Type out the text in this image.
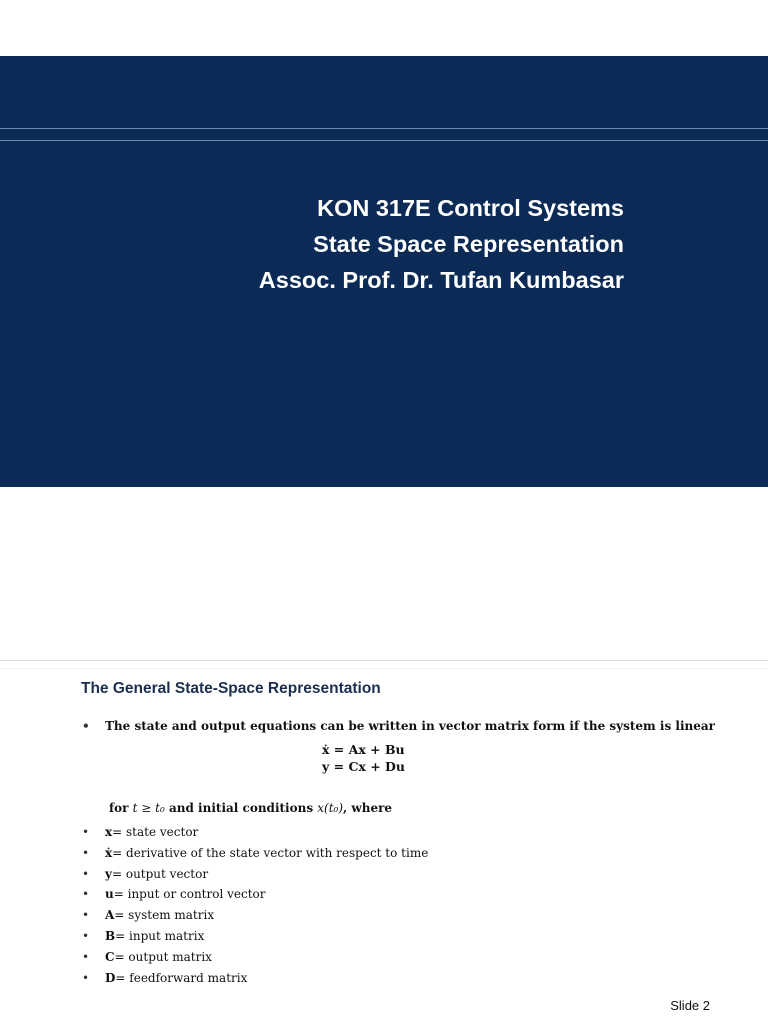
KON 317E Control Systems
State Space Representation
Assoc. Prof. Dr. Tufan Kumbasar
The General State-Space Representation
• The state and output equations can be written in vector matrix form if the system is linear
ẋ = Ax + Bu
y = Cx + Du
for t ≥ t₀ and initial conditions x(t₀), where
• x= state vector
• ẋ= derivative of the state vector with respect to time
• y= output vector
• u= input or control vector
• A= system matrix
• B= input matrix
• C= output matrix
• D= feedforward matrix
Slide 2
